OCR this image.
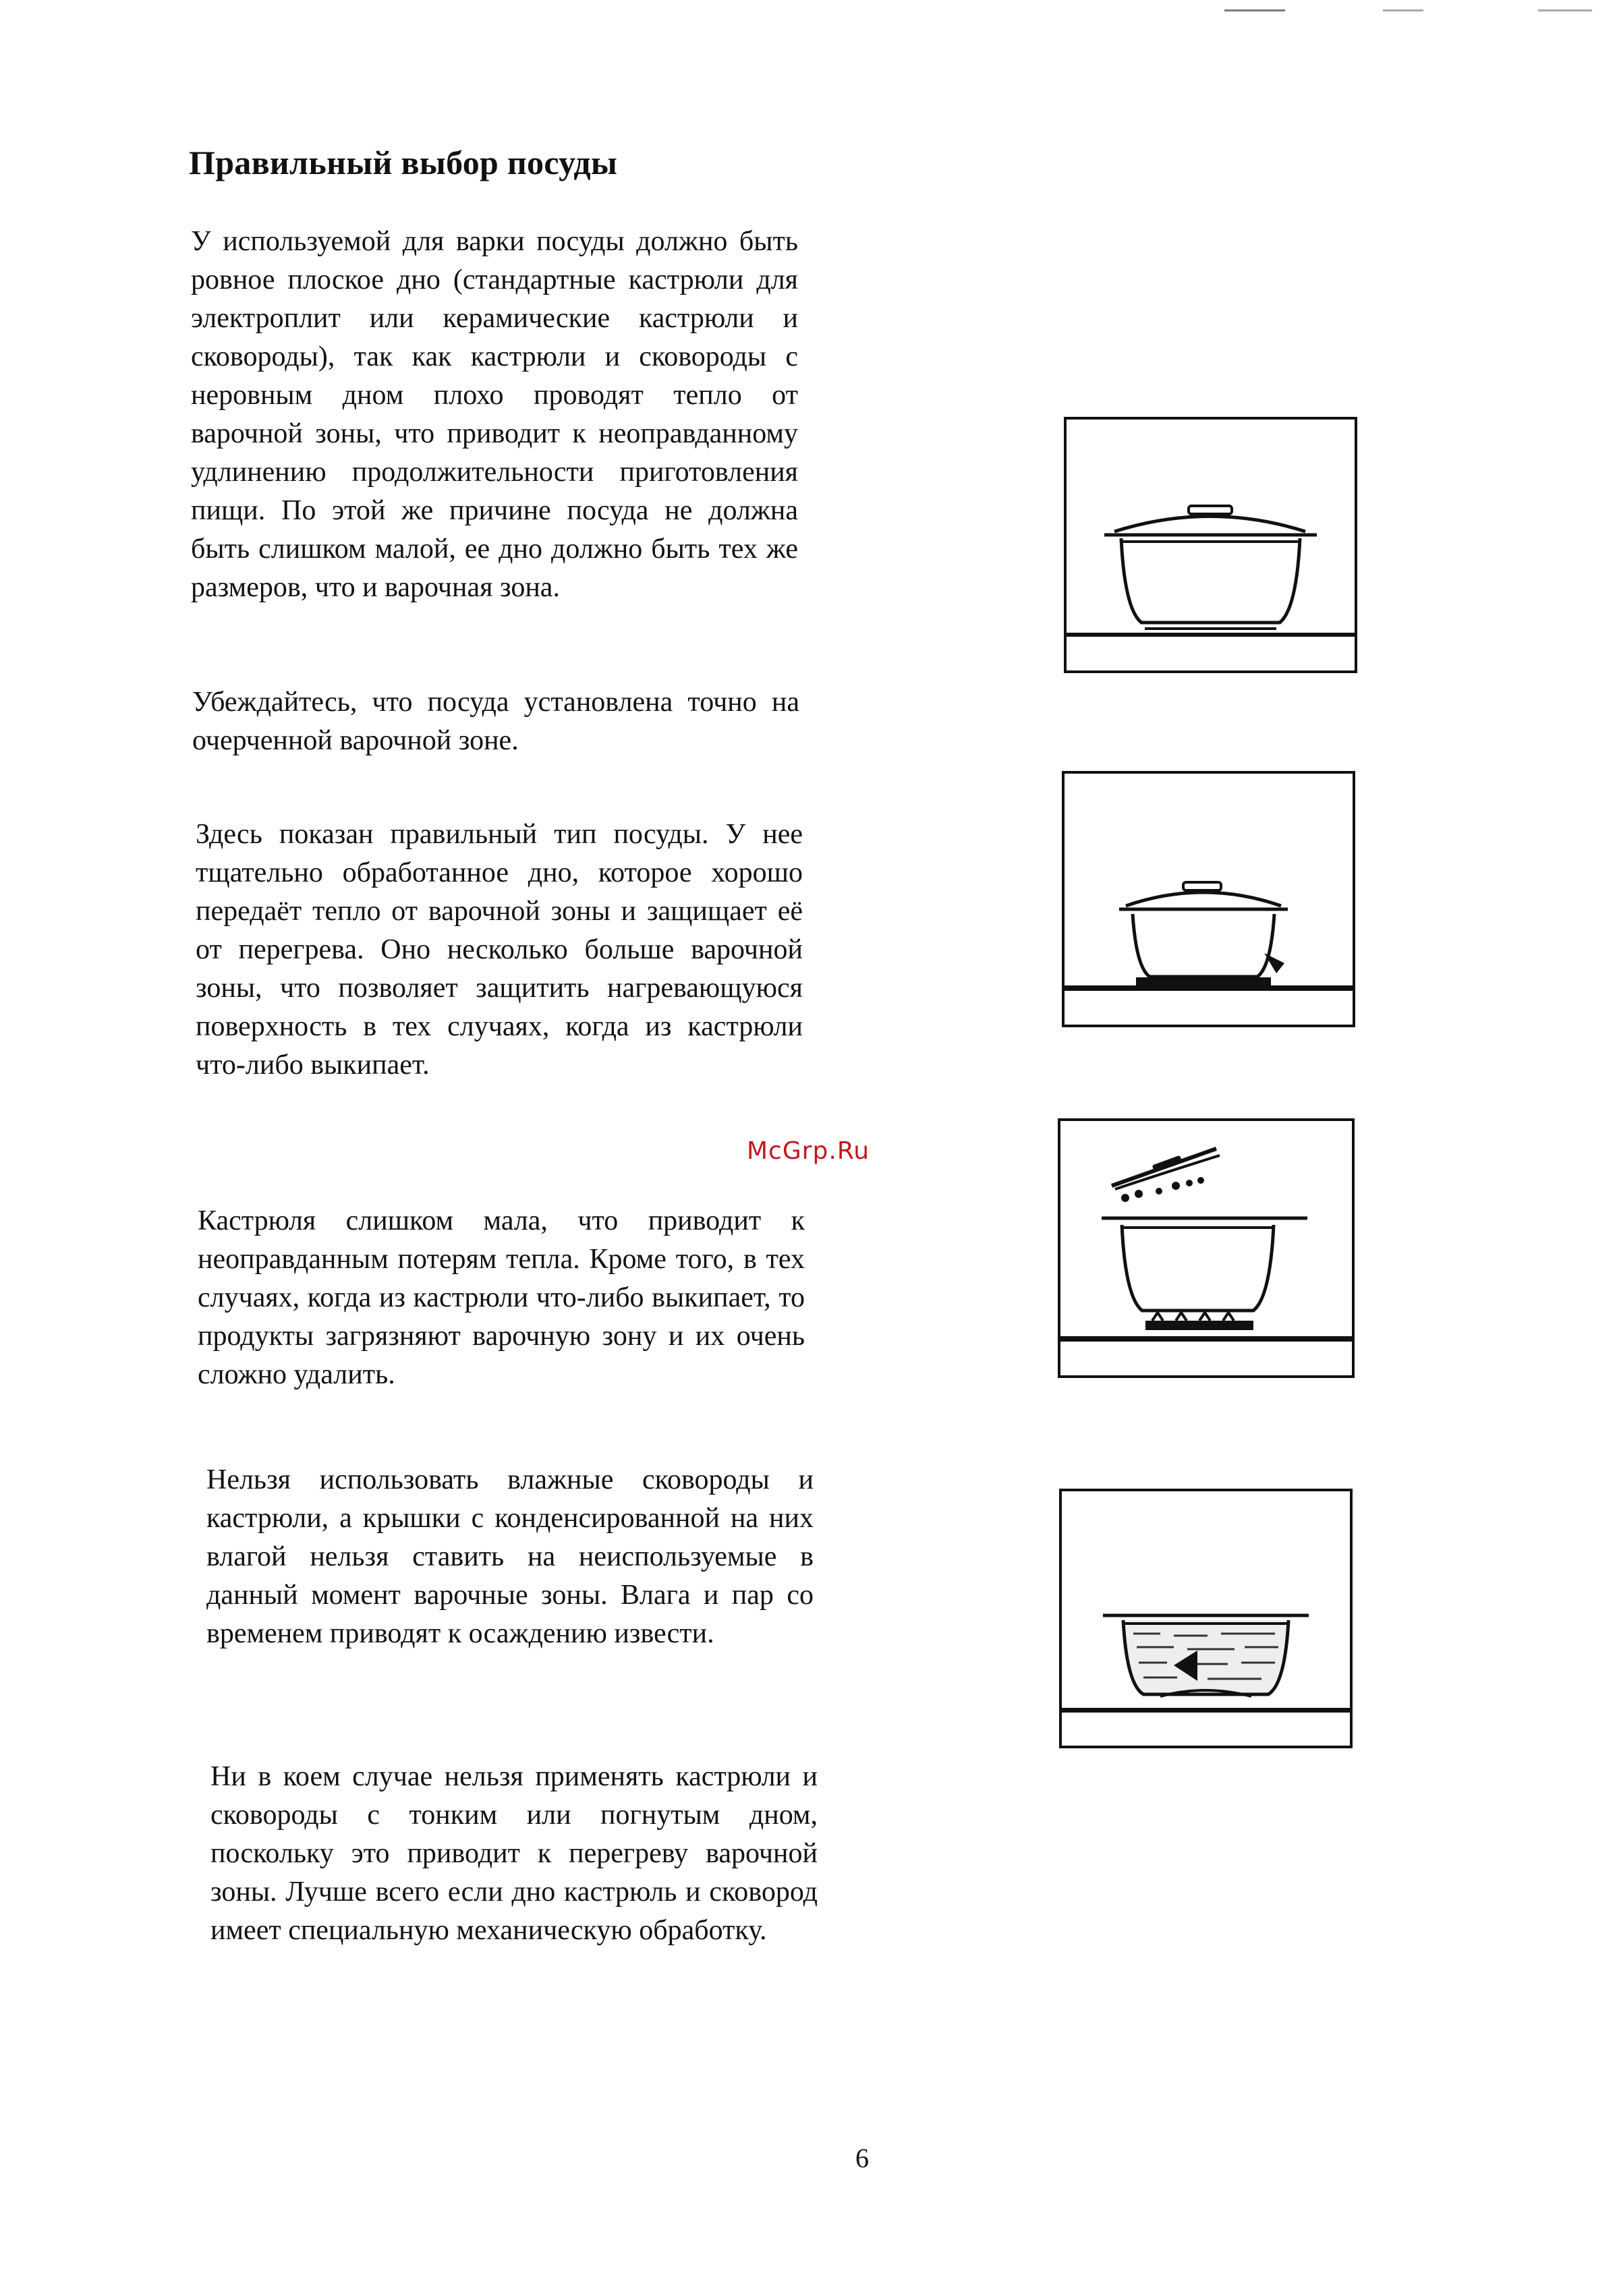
Правильный выбор посуды

У используемой для варки посуды должно быть ровное плоское дно (стандартные кастрюли для электроплит или керамические кастрюли и сковороды), так как кастрюли и сковороды с неровным дном плохо проводят тепло от варочной зоны, что приводит к неоправданному удлинению продолжительности приготовления пищи. По этой же причине посуда не должна быть слишком малой, ее дно должно быть тех же размеров, что и варочная зона.

Убеждайтесь, что посуда установлена точно на очерченной варочной зоне.

Здесь показан правильный тип посуды. У нее тщательно обработанное дно, которое хорошо передаёт тепло от варочной зоны и защищает её от перегрева. Оно несколько больше варочной зоны, что позволяет защитить нагревающуюся поверхность в тех случаях, когда из кастрюли что-либо выкипает.

Кастрюля слишком мала, что приводит к неоправданным потерям тепла. Кроме того, в тех случаях, когда из кастрюли что-либо выкипает, то продукты загрязняют варочную зону и их очень сложно удалить.

Нельзя использовать влажные сковороды и кастрюли, а крышки с конденсированной на них влагой нельзя ставить на неиспользуемые в данный момент варочные зоны. Влага и пар со временем приводят к осаждению извести.

Ни в коем случае нельзя применять кастрюли и сковороды с тонким или погнутым дном, поскольку это приводит к перегреву варочной зоны. Лучше всего если дно кастрюль и сковород имеет специальную механическую обработку.

McGrp.Ru
6
